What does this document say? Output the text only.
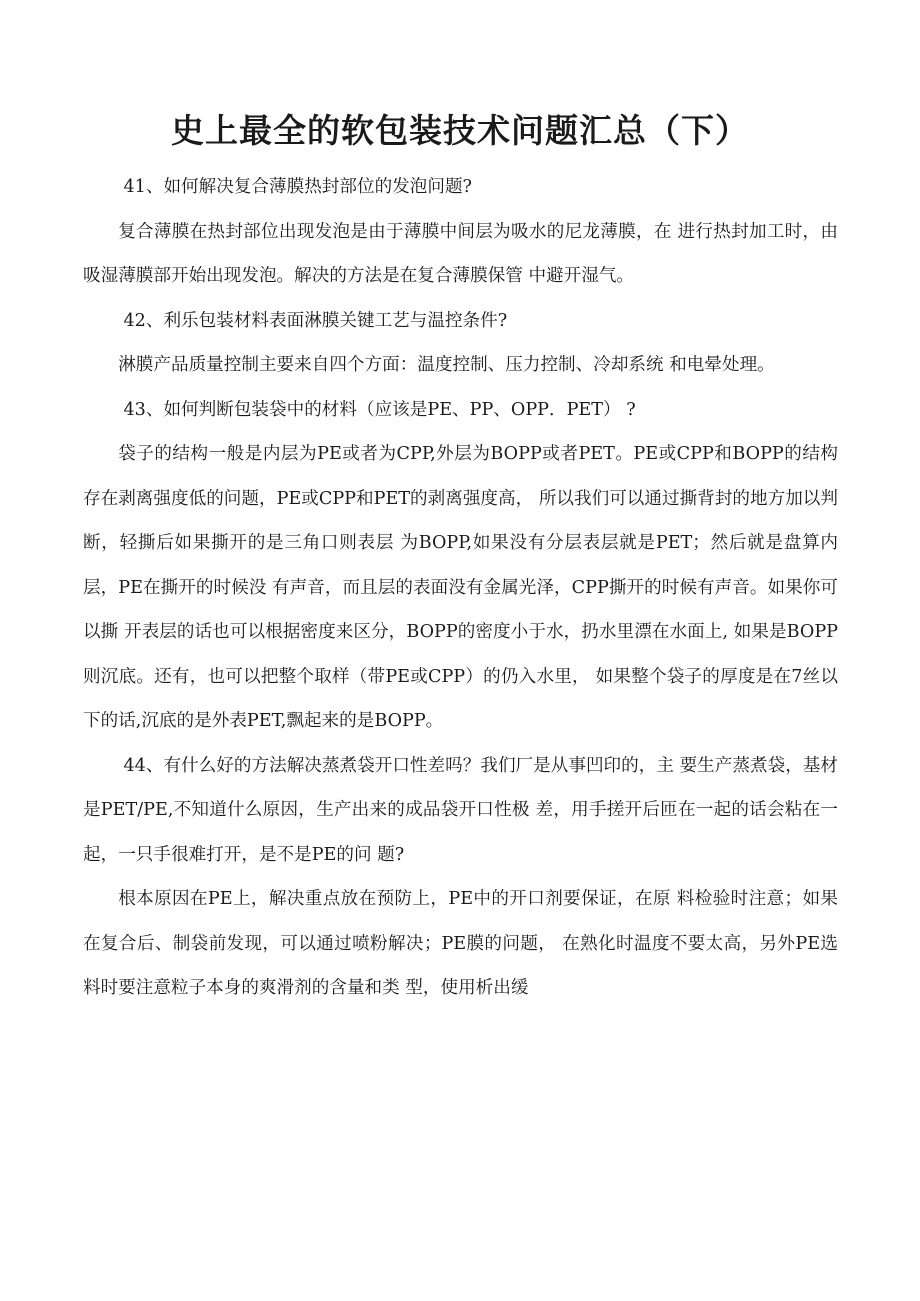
史上最全的软包装技术问题汇总（下）

41、如何解决复合薄膜热封部位的发泡问题?

复合薄膜在热封部位出现发泡是由于薄膜中间层为吸水的尼龙薄膜，在 进行热封加工时，由吸湿薄膜部开始出现发泡。解决的方法是在复合薄膜保管 中避开湿气。

42、利乐包装材料表面淋膜关键工艺与温控条件?

淋膜产品质量控制主要来自四个方面：温度控制、压力控制、冷却系统 和电晕处理。

43、如何判断包装袋中的材料（应该是PE、PP、OPP．PET） ?

袋子的结构一般是内层为PE或者为CPP,外层为BOPP或者PET。PE或CPP和BOPP的结构存在剥离强度低的问题，PE或CPP和PET的剥离强度高， 所以我们可以通过撕背封的地方加以判断，轻撕后如果撕开的是三角口则表层 为BOPP,如果没有分层表层就是PET；然后就是盘算内层，PE在撕开的时候没 有声音，而且层的表面没有金属光泽，CPP撕开的时候有声音。如果你可以撕 开表层的话也可以根据密度来区分，BOPP的密度小于水，扔水里漂在水面上, 如果是BOPP则沉底。还有，也可以把整个取样（带PE或CPP）的仍入水里， 如果整个袋子的厚度是在7丝以下的话,沉底的是外表PET,飘起来的是BOPP。

44、有什么好的方法解决蒸煮袋开口性差吗？我们厂是从事凹印的，主 要生产蒸煮袋，基材是PET/PE,不知道什么原因，生产出来的成品袋开口性极 差，用手搓开后匝在一起的话会粘在一起，一只手很难打开，是不是PE的问 题?

根本原因在PE上，解决重点放在预防上，PE中的开口剂要保证，在原 料检验时注意；如果在复合后、制袋前发现，可以通过喷粉解决；PE膜的问题， 在熟化时温度不要太高，另外PE选料时要注意粒子本身的爽滑剂的含量和类 型，使用析出缓
